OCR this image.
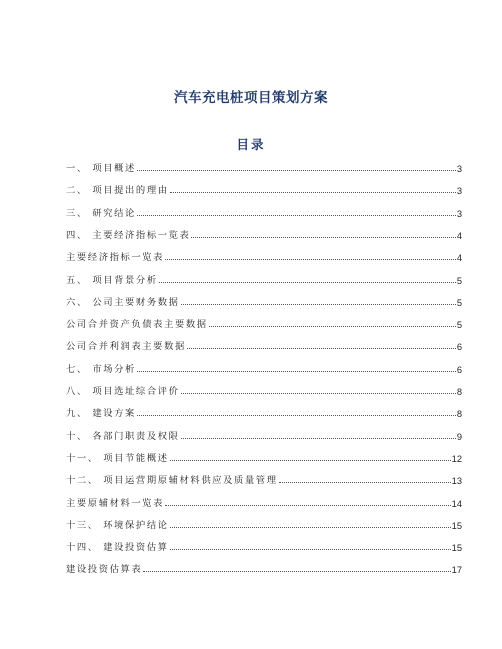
汽车充电桩项目策划方案
目录
一、 项目概述	3
二、 项目提出的理由	3
三、 研究结论	3
四、 主要经济指标一览表	4
主要经济指标一览表	4
五、 项目背景分析	5
六、 公司主要财务数据	5
公司合并资产负债表主要数据	5
公司合并利润表主要数据	6
七、 市场分析	6
八、 项目选址综合评价	8
九、 建设方案	8
十、 各部门职责及权限	9
十一、 项目节能概述	12
十二、 项目运营期原辅材料供应及质量管理	13
主要原辅材料一览表	14
十三、 环境保护结论	15
十四、 建设投资估算	15
建设投资估算表	17
